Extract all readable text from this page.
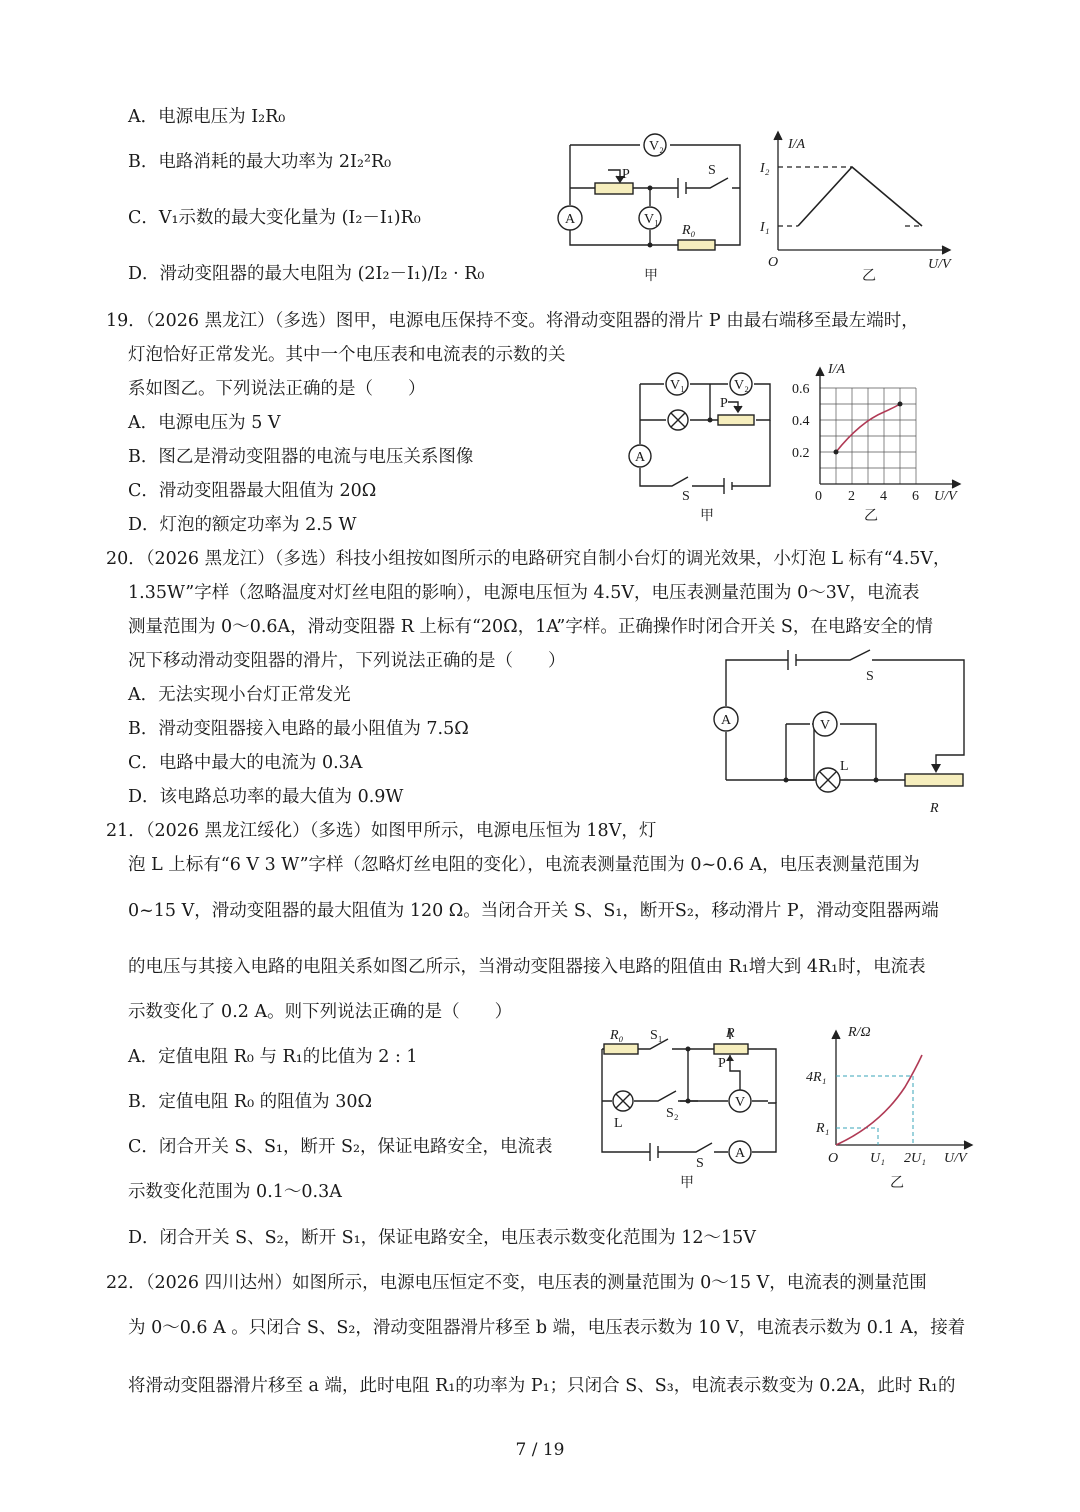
A．电源电压为 I₂R₀
B．电路消耗的最大功率为 2I₂²R₀
C．V₁示数的最大变化量为 (I₂－I₁)R₀
D．滑动变阻器的最大电阻为 (2I₂－I₁)/I₂ · R₀
V₂
V₁
A
P	S
R₀
甲
I/A
I₂
I₁
O	U/V
乙
19．（2026 黑龙江）（多选）图甲，电源电压保持不变。将滑动变阻器的滑片 P 由最右端移至最左端时，
灯泡恰好正常发光。其中一个电压表和电流表的示数的关
系如图乙。下列说法正确的是（　　）
A．电源电压为 5 V
B．图乙是滑动变阻器的电流与电压关系图像
C．滑动变阻器最大阻值为 20Ω
D．灯泡的额定功率为 2.5 W
V₁	V₂
A
P
S
甲
I/A
0.6
0.4
0.2
0 2 4 6 U/V
乙
20．（2026 黑龙江）（多选）科技小组按如图所示的电路研究自制小台灯的调光效果，小灯泡 L 标有“4.5V，
1.35W”字样（忽略温度对灯丝电阻的影响），电源电压恒为 4.5V，电压表测量范围为 0～3V，电流表
测量范围为 0～0.6A，滑动变阻器 R 上标有“20Ω，1A”字样。正确操作时闭合开关 S，在电路安全的情
况下移动滑动变阻器的滑片，下列说法正确的是（　　）
A．无法实现小台灯正常发光
B．滑动变阻器接入电路的最小阻值为 7.5Ω
C．电路中最大的电流为 0.3A
D．该电路总功率的最大值为 0.9W
A	V
L
S
R
21．（2026 黑龙江绥化）（多选）如图甲所示，电源电压恒为 18V，灯
泡 L 上标有“6 V 3 W”字样（忽略灯丝电阻的变化），电流表测量范围为 0~0.6 A，电压表测量范围为
0~15 V，滑动变阻器的最大阻值为 120 Ω。当闭合开关 S、S₁，断开S₂，移动滑片 P，滑动变阻器两端
的电压与其接入电路的电阻关系如图乙所示，当滑动变阻器接入电路的阻值由 R₁增大到 4R₁时，电流表
示数变化了 0.2 A。则下列说法正确的是（　　）
A．定值电阻 R₀ 与 R₁的比值为 2 : 1
B．定值电阻 R₀ 的阻值为 30Ω
C．闭合开关 S、S₁，断开 S₂，保证电路安全，电流表
示数变化范围为 0.1～0.3A
D．闭合开关 S、S₂，断开 S₁，保证电路安全，电压表示数变化范围为 12～15V
R₀ S₁	R
P
L
S₂
V
S
A
甲
R/Ω
4R₁
R₁
O U₁ 2U₁ U/V
乙
22．（2026 四川达州）如图所示，电源电压恒定不变，电压表的测量范围为 0～15 V，电流表的测量范围
为 0～0.6 A 。只闭合 S、S₂，滑动变阻器滑片移至 b 端，电压表示数为 10 V，电流表示数为 0.1 A，接着
将滑动变阻器滑片移至 a 端，此时电阻 R₁的功率为 P₁；只闭合 S、S₃，电流表示数变为 0.2A，此时 R₁的
7 / 19
